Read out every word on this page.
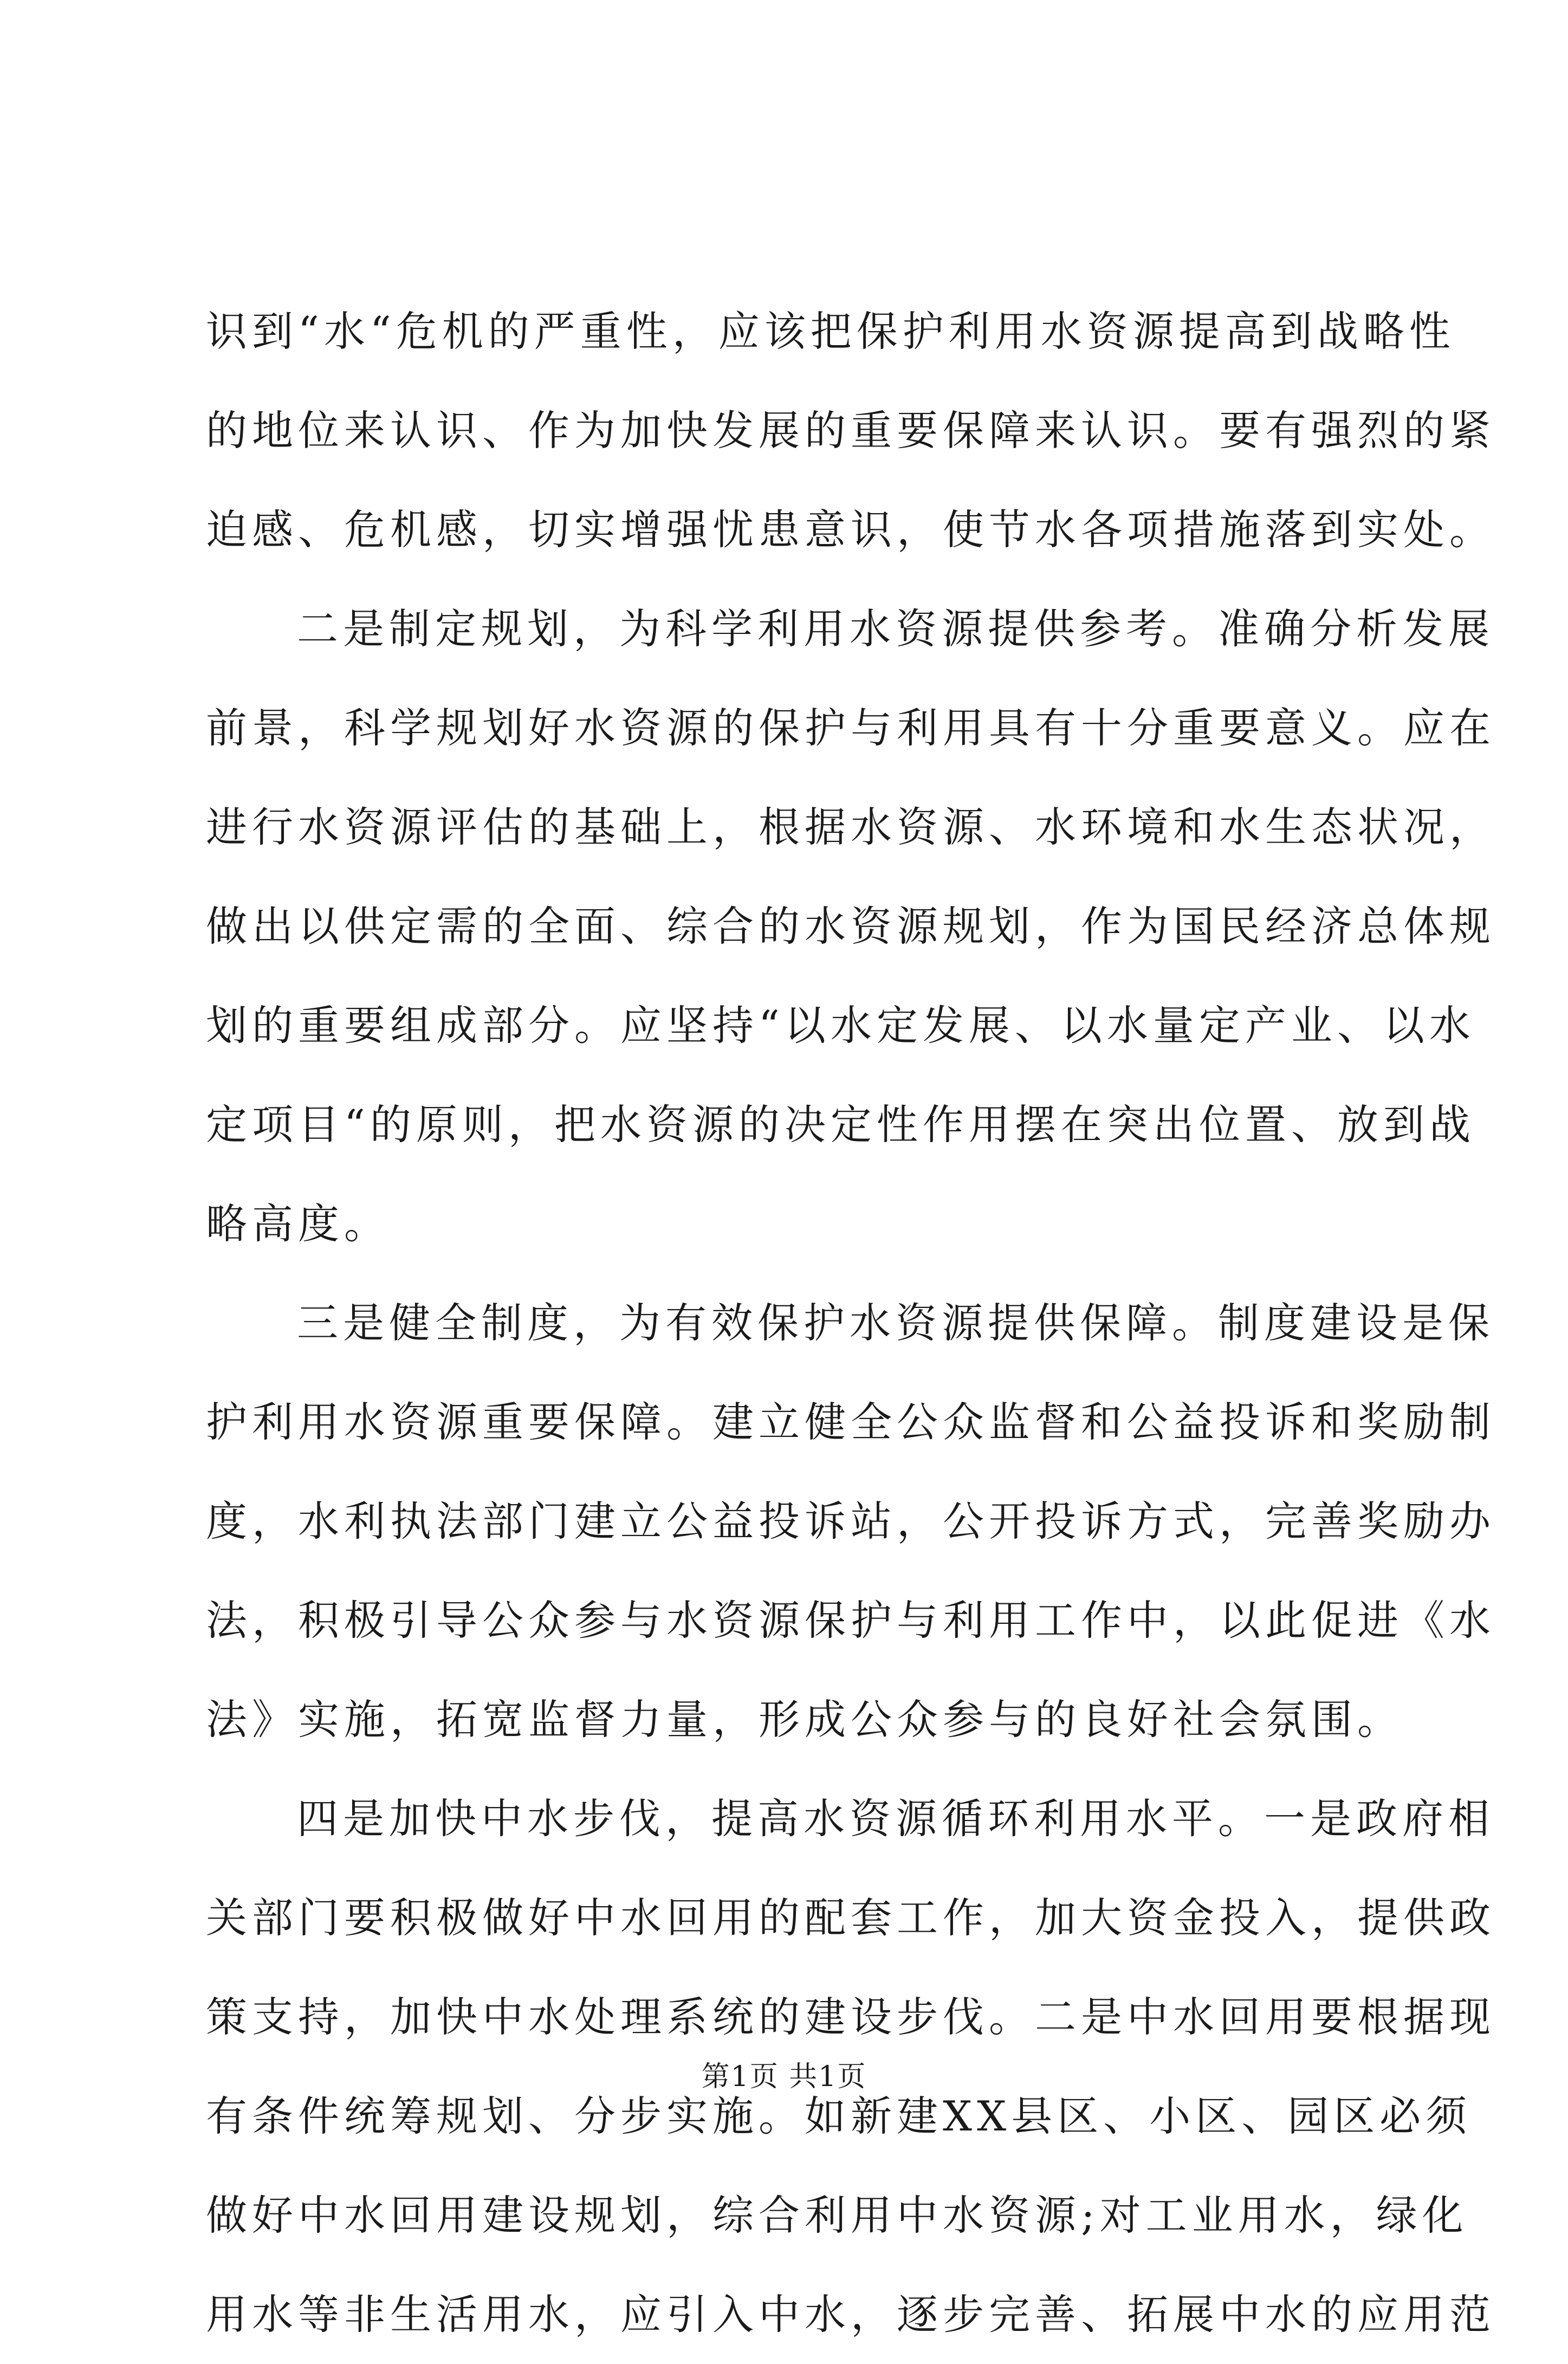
识到“水“危机的严重性，应该把保护利用水资源提高到战略性
的地位来认识、作为加快发展的重要保障来认识。要有强烈的紧
迫感、危机感，切实增强忧患意识，使节水各项措施落到实处。
二是制定规划，为科学利用水资源提供参考。准确分析发展
前景，科学规划好水资源的保护与利用具有十分重要意义。应在
进行水资源评估的基础上，根据水资源、水环境和水生态状况，
做出以供定需的全面、综合的水资源规划，作为国民经济总体规
划的重要组成部分。应坚持“以水定发展、以水量定产业、以水
定项目“的原则，把水资源的决定性作用摆在突出位置、放到战
略高度。
三是健全制度，为有效保护水资源提供保障。制度建设是保
护利用水资源重要保障。建立健全公众监督和公益投诉和奖励制
度，水利执法部门建立公益投诉站，公开投诉方式，完善奖励办
法，积极引导公众参与水资源保护与利用工作中，以此促进《水
法》实施，拓宽监督力量，形成公众参与的良好社会氛围。
四是加快中水步伐，提高水资源循环利用水平。一是政府相
关部门要积极做好中水回用的配套工作，加大资金投入，提供政
策支持，加快中水处理系统的建设步伐。二是中水回用要根据现
有条件统筹规划、分步实施。如新建XX县区、小区、园区必须
做好中水回用建设规划，综合利用中水资源;对工业用水，绿化
用水等非生活用水，应引入中水，逐步完善、拓展中水的应用范
第1页 共1页
